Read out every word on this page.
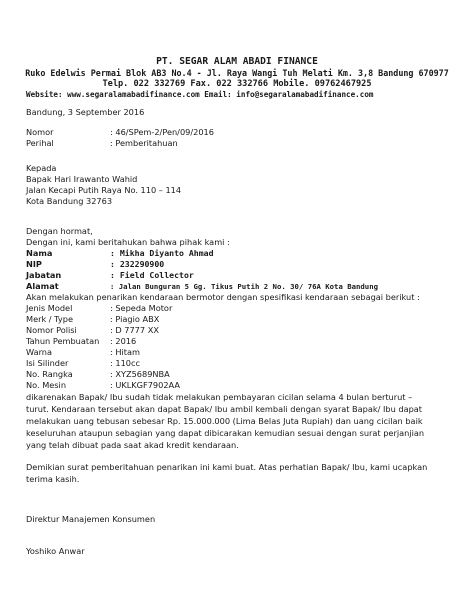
PT. SEGAR ALAM ABADI FINANCE
Ruko Edelwis Permai Blok AB3 No.4 - Jl. Raya Wangi Tuh Melati Km. 3,8 Bandung 670977
Telp. 022 332769 Fax. 022 332766 Mobile. 09762467925
Website: www.segaralamabadifinance.com Email: info@segaralamabadifinance.com
Bandung, 3 September 2016
Nomor	: 46/SPem-2/Pen/09/2016
Perihal	: Pemberitahuan
Kepada
Bapak Hari Irawanto Wahid
Jalan Kecapi Putih Raya No. 110 – 114
Kota Bandung 32763
Dengan hormat,
Dengan ini, kami beritahukan bahwa pihak kami :
Nama	: Mikha Diyanto Ahmad
NIP	: 232290900
Jabatan	: Field Collector
Alamat	: Jalan Bunguran 5 Gg. Tikus Putih 2 No. 30/ 76A Kota Bandung
Akan melakukan penarikan kendaraan bermotor dengan spesifikasi kendaraan sebagai berikut :
Jenis Model	: Sepeda Motor
Merk / Type	: Piagio ABX
Nomor Polisi	: D 7777 XX
Tahun Pembuatan : 2016
Warna	: Hitam
Isi Silinder	: 110cc
No. Rangka	: XYZ5689NBA
No. Mesin	: UKLKGF7902AA
dikarenakan Bapak/ Ibu sudah tidak melakukan pembayaran cicilan selama 4 bulan berturut –
turut. Kendaraan tersebut akan dapat Bapak/ Ibu ambil kembali dengan syarat Bapak/ Ibu dapat
melakukan uang tebusan sebesar Rp. 15.000.000 (Lima Belas Juta Rupiah) dan uang cicilan baik
keseluruhan ataupun sebagian yang dapat dibicarakan kemudian sesuai dengan surat perjanjian
yang telah dibuat pada saat akad kredit kendaraan.
Demikian surat pemberitahuan penarikan ini kami buat. Atas perhatian Bapak/ Ibu, kami ucapkan
terima kasih.
Direktur Manajemen Konsumen
Yoshiko Anwar
